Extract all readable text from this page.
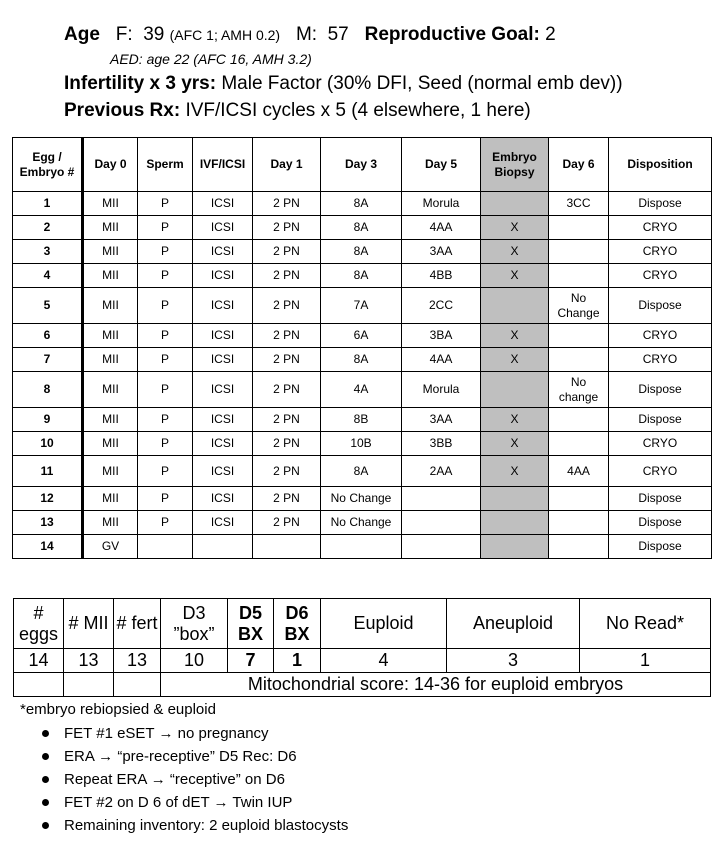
Age F: 39 (AFC 1; AMH 0.2) M: 57 Reproductive Goal: 2
AED: age 22 (AFC 16, AMH 3.2)
Infertility x 3 yrs: Male Factor (30% DFI, Seed (normal emb dev))
Previous Rx: IVF/ICSI cycles x 5 (4 elsewhere, 1 here)
Egg / Embryo #	Day 0	Sperm	IVF/ICSI	Day 1	Day 3	Day 5	Embryo Biopsy	Day 6	Disposition
1	MII	P	ICSI	2 PN	8A	Morula		3CC	Dispose
2	MII	P	ICSI	2 PN	8A	4AA	X		CRYO
3	MII	P	ICSI	2 PN	8A	3AA	X		CRYO
4	MII	P	ICSI	2 PN	8A	4BB	X		CRYO
5	MII	P	ICSI	2 PN	7A	2CC		No Change	Dispose
6	MII	P	ICSI	2 PN	6A	3BA	X		CRYO
7	MII	P	ICSI	2 PN	8A	4AA	X		CRYO
8	MII	P	ICSI	2 PN	4A	Morula		No change	Dispose
9	MII	P	ICSI	2 PN	8B	3AA	X		Dispose
10	MII	P	ICSI	2 PN	10B	3BB	X		CRYO
11	MII	P	ICSI	2 PN	8A	2AA	X	4AA	CRYO
12	MII	P	ICSI	2 PN	No Change				Dispose
13	MII	P	ICSI	2 PN	No Change				Dispose
14	GV								Dispose
# eggs	# MII	# fert	D3 ”box”	D5 BX	D6 BX	Euploid	Aneuploid	No Read*
14	13	13	10	7	1	4	3	1
			Mitochondrial score: 14-36 for euploid embryos					
*embryo rebiopsied & euploid
FET #1 eSET → no pregnancy
ERA → “pre-receptive” D5 Rec: D6
Repeat ERA → “receptive” on D6
FET #2 on D 6 of dET → Twin IUP
Remaining inventory: 2 euploid blastocysts
